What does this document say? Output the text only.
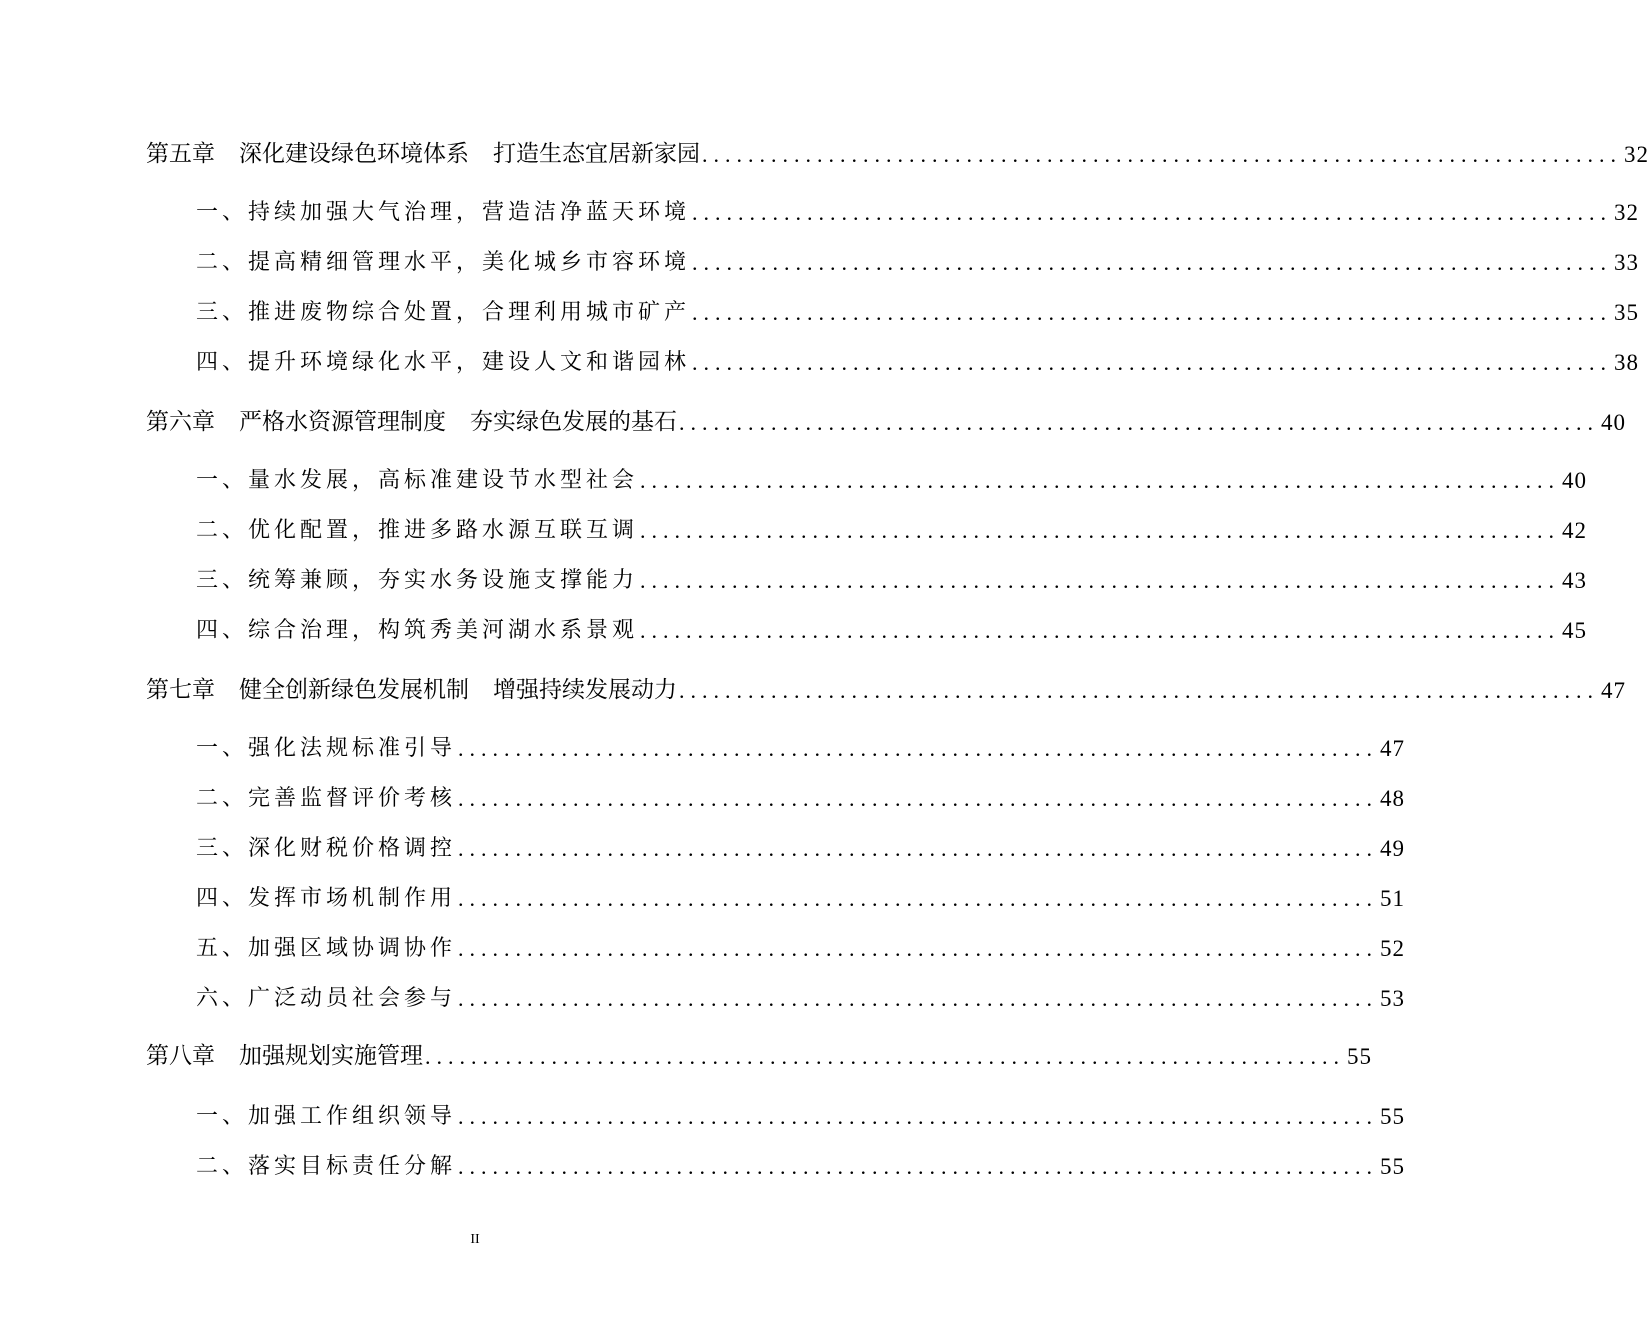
第五章 深化建设绿色环境体系 打造生态宜居新家园 ................................................................................ 32
一、持续加强大气治理，营造洁净蓝天环境 ................................................................................ 32
二、提高精细管理水平，美化城乡市容环境 ................................................................................ 33
三、推进废物综合处置，合理利用城市矿产 ................................................................................ 35
四、提升环境绿化水平，建设人文和谐园林 ................................................................................ 38
第六章 严格水资源管理制度 夯实绿色发展的基石 ................................................................................ 40
一、量水发展，高标准建设节水型社会 ................................................................................ 40
二、优化配置，推进多路水源互联互调 ................................................................................ 42
三、统筹兼顾，夯实水务设施支撑能力 ................................................................................ 43
四、综合治理，构筑秀美河湖水系景观 ................................................................................ 45
第七章 健全创新绿色发展机制 增强持续发展动力 ................................................................................ 47
一、强化法规标准引导 ................................................................................ 47
二、完善监督评价考核 ................................................................................ 48
三、深化财税价格调控 ................................................................................ 49
四、发挥市场机制作用 ................................................................................ 51
五、加强区域协调协作 ................................................................................ 52
六、广泛动员社会参与 ................................................................................ 53
第八章 加强规划实施管理 ................................................................................ 55
一、加强工作组织领导 ................................................................................ 55
二、落实目标责任分解 ................................................................................ 55
II
